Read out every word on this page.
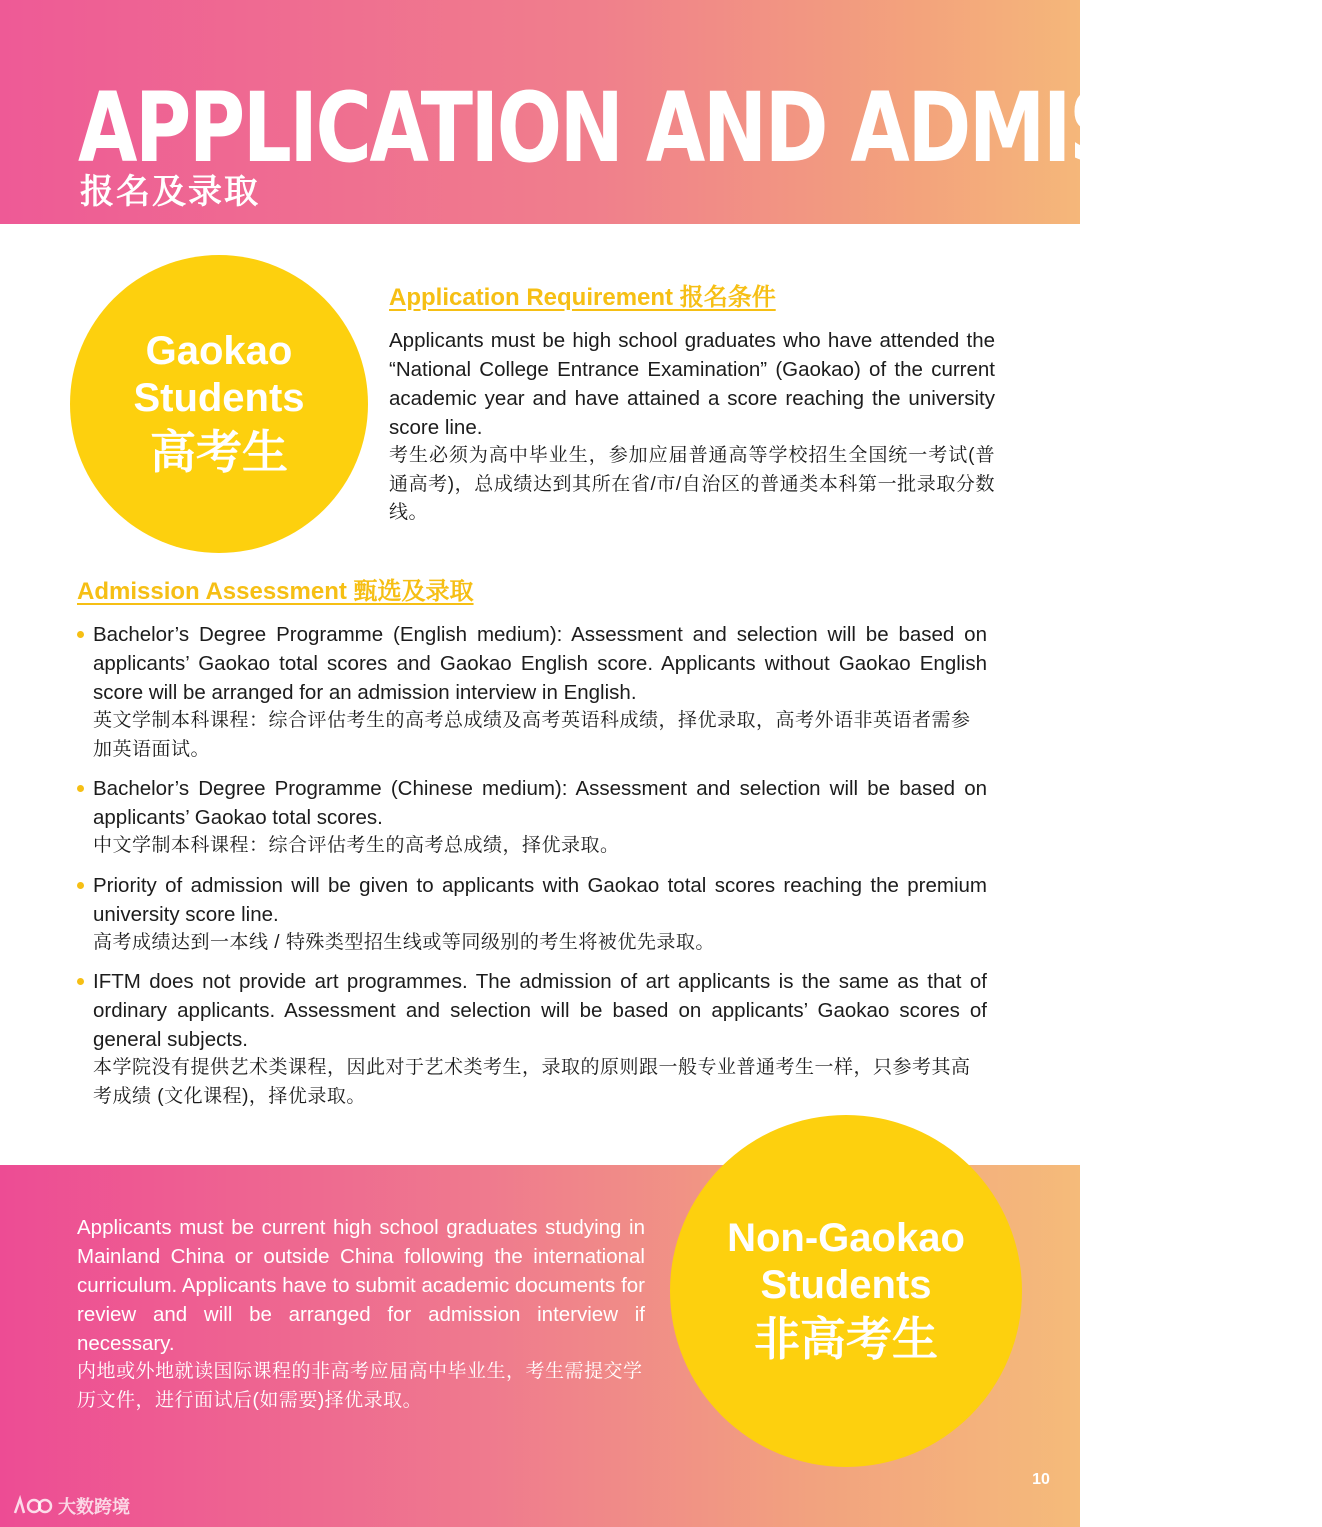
APPLICATION AND ADMISSION
报名及录取
Gaokao
Students
高考生
Application Requirement 报名条件

Applicants must be high school graduates who have attended the “National College Entrance Examination” (Gaokao) of the current academic year and have attained a score reaching the university score line.

考生必须为高中毕业生，参加应届普通高等学校招生全国统一考试(普通高考)，总成绩达到其所在省/市/自治区的普通类本科第一批录取分数线。

Admission Assessment 甄选及录取

Bachelor’s Degree Programme (English medium): Assessment and selection will be based on applicants’ Gaokao total scores and Gaokao English score. Applicants without Gaokao English score will be arranged for an admission interview in English.

英文学制本科课程：综合评估考生的高考总成绩及高考英语科成绩，择优录取，高考外语非英语者需参加英语面试。

Bachelor’s Degree Programme (Chinese medium): Assessment and selection will be based on applicants’ Gaokao total scores.

中文学制本科课程：综合评估考生的高考总成绩，择优录取。

Priority of admission will be given to applicants with Gaokao total scores reaching the premium university score line.

高考成绩达到一本线 / 特殊类型招生线或等同级别的考生将被优先录取。

IFTM does not provide art programmes. The admission of art applicants is the same as that of ordinary applicants. Assessment and selection will be based on applicants’ Gaokao scores of general subjects.

本学院没有提供艺术类课程，因此对于艺术类考生，录取的原则跟一般专业普通考生一样，只参考其高考成绩 (文化课程)，择优录取。

Applicants must be current high school graduates studying in Mainland China or outside China following the international curriculum. Applicants have to submit academic documents for review and will be arranged for admission interview if necessary.

内地或外地就读国际课程的非高考应届高中毕业生，考生需提交学历文件，进行面试后(如需要)择优录取。

Non-Gaokao
Students
非高考生
10
大数跨境
